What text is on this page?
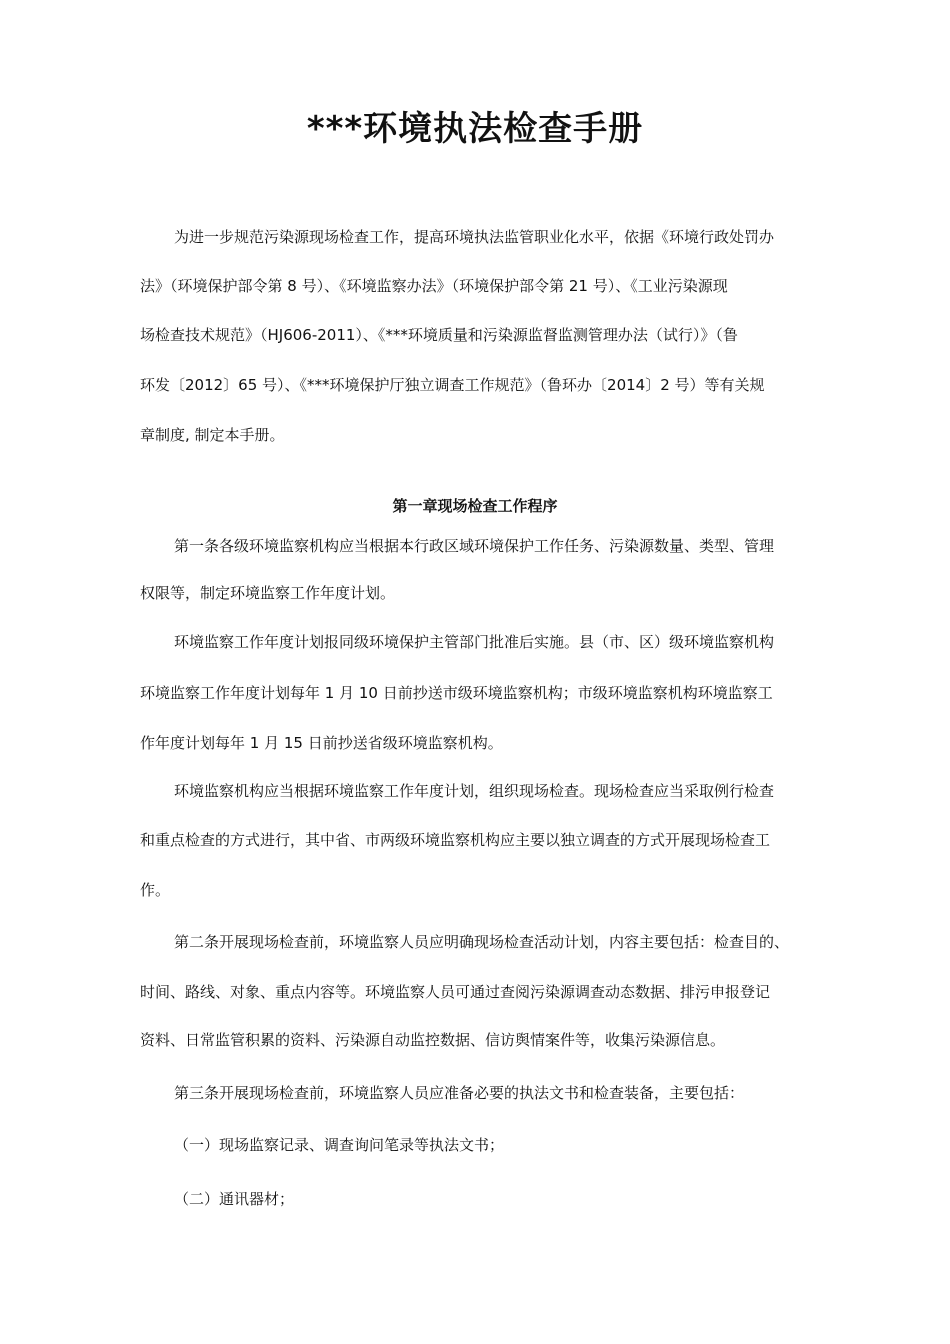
***环境执法检查手册

为进一步规范污染源现场检查工作，提高环境执法监管职业化水平，依据《环境行政处罚办

法》（环境保护部令第 8 号）、《环境监察办法》（环境保护部令第 21 号）、《工业污染源现

场检查技术规范》（HJ606-2011）、《***环境质量和污染源监督监测管理办法（试行）》（鲁

环发〔2012〕65 号）、《***环境保护厅独立调查工作规范》（鲁环办〔2014〕2 号）等有关规

章制度, 制定本手册。

第一章现场检查工作程序

第一条各级环境监察机构应当根据本行政区域环境保护工作任务、污染源数量、类型、管理

权限等，制定环境监察工作年度计划。

环境监察工作年度计划报同级环境保护主管部门批准后实施。县（市、区）级环境监察机构

环境监察工作年度计划每年 1 月 10 日前抄送市级环境监察机构；市级环境监察机构环境监察工

作年度计划每年 1 月 15 日前抄送省级环境监察机构。

环境监察机构应当根据环境监察工作年度计划，组织现场检查。现场检查应当采取例行检查

和重点检查的方式进行，其中省、市两级环境监察机构应主要以独立调查的方式开展现场检查工

作。

第二条开展现场检查前，环境监察人员应明确现场检查活动计划，内容主要包括：检查目的、

时间、路线、对象、重点内容等。环境监察人员可通过查阅污染源调查动态数据、排污申报登记

资料、日常监管积累的资料、污染源自动监控数据、信访舆情案件等，收集污染源信息。

第三条开展现场检查前，环境监察人员应准备必要的执法文书和检查装备，主要包括：

（一）现场监察记录、调查询问笔录等执法文书；

（二）通讯器材；
